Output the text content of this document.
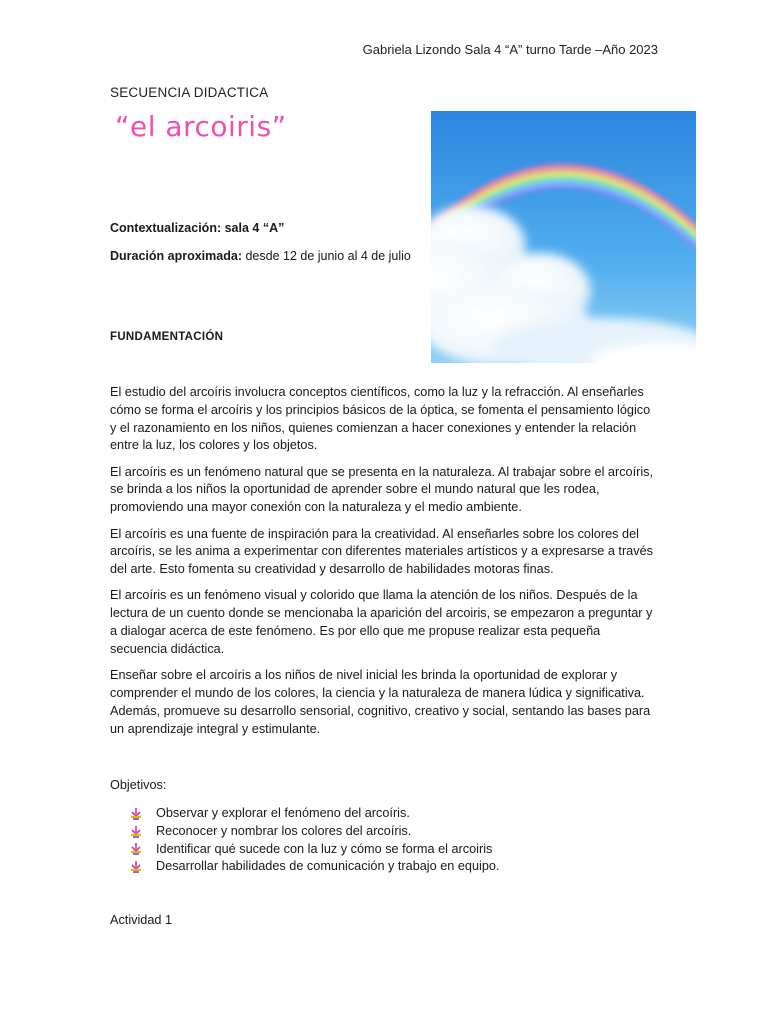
Gabriela Lizondo Sala 4 “A” turno Tarde –Año 2023
SECUENCIA DIDACTICA
“el arcoiris”
Contextualización: sala 4 “A”
Duración aproximada: desde 12 de junio al 4 de julio
FUNDAMENTACIÓN

El estudio del arcoíris involucra conceptos científicos, como la luz y la refracción. Al enseñarles cómo se forma el arcoíris y los principios básicos de la óptica, se fomenta el pensamiento lógico y el razonamiento en los niños, quienes comienzan a hacer conexiones y entender la relación entre la luz, los colores y los objetos.

El arcoíris es un fenómeno natural que se presenta en la naturaleza. Al trabajar sobre el arcoíris, se brinda a los niños la oportunidad de aprender sobre el mundo natural que les rodea, promoviendo una mayor conexión con la naturaleza y el medio ambiente.

El arcoíris es una fuente de inspiración para la creatividad. Al enseñarles sobre los colores del arcoíris, se les anima a experimentar con diferentes materiales artísticos y a expresarse a través del arte. Esto fomenta su creatividad y desarrollo de habilidades motoras finas.

El arcoíris es un fenómeno visual y colorido que llama la atención de los niños. Después de la lectura de un cuento donde se mencionaba la aparición del arcoiris, se empezaron a preguntar y a dialogar acerca de este fenómeno. Es por ello que me propuse realizar esta pequeña secuencia didáctica.

Enseñar sobre el arcoíris a los niños de nivel inicial les brinda la oportunidad de explorar y comprender el mundo de los colores, la ciencia y la naturaleza de manera lúdica y significativa. Además, promueve su desarrollo sensorial, cognitivo, creativo y social, sentando las bases para un aprendizaje integral y estimulante.

Objetivos:
Observar y explorar el fenómeno del arcoíris.
Reconocer y nombrar los colores del arcoíris.
Identificar qué sucede con la luz y cómo se forma el arcoiris
Desarrollar habilidades de comunicación y trabajo en equipo.
Actividad 1
